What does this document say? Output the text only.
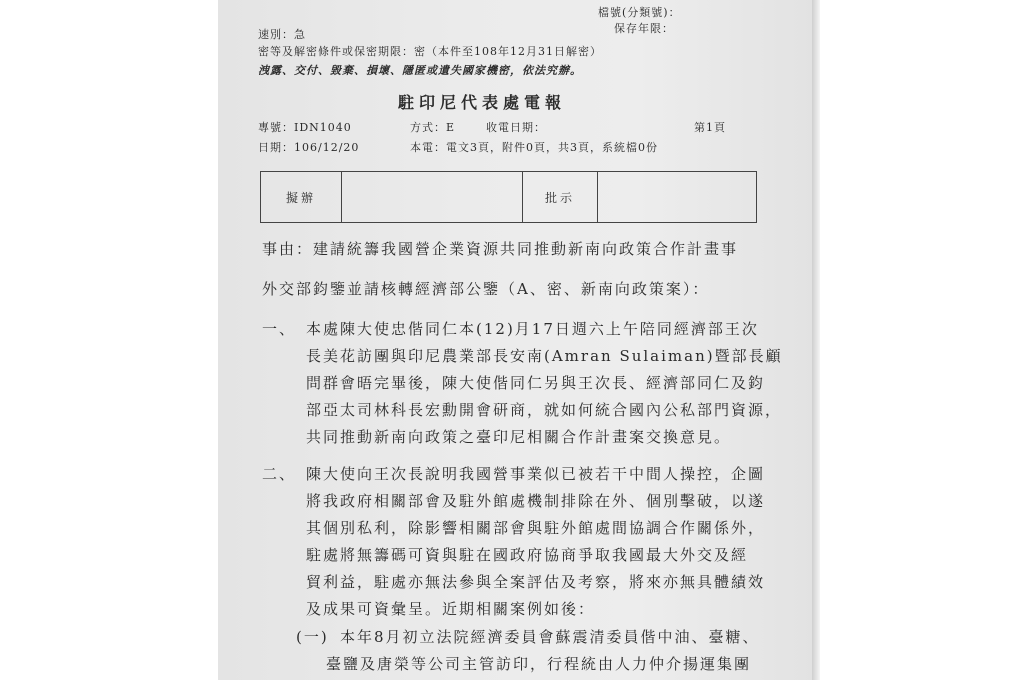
檔號(分類號)：
保存年限：
速別：急
密等及解密條件或保密期限：密（本件至108年12月31日解密）
洩露、交付、毀棄、損壞、隱匿或遺失國家機密，依法究辦。
駐印尼代表處電報
專號：IDN1040	方式：E	收電日期：	第1頁
日期：106/12/20	本電：電文3頁，附件0頁，共3頁，系統檔0份
擬辦		批示	
事由：建請統籌我國營企業資源共同推動新南向政策合作計畫事
外交部鈞鑒並請核轉經濟部公鑒（A、密、新南向政策案）：
一、 本處陳大使忠偕同仁本(12)月17日週六上午陪同經濟部王次
長美花訪團與印尼農業部長安南(Amran Sulaiman)暨部長顧
問群會晤完畢後，陳大使偕同仁另與王次長、經濟部同仁及鈞
部亞太司林科長宏勳開會研商，就如何統合國內公私部門資源，
共同推動新南向政策之臺印尼相關合作計畫案交換意見。
二、 陳大使向王次長說明我國營事業似已被若干中間人操控，企圖
將我政府相關部會及駐外館處機制排除在外、個別擊破，以遂
其個別私利，除影響相關部會與駐外館處間協調合作關係外，
駐處將無籌碼可資與駐在國政府協商爭取我國最大外交及經
貿利益，駐處亦無法參與全案評估及考察，將來亦無具體績效
及成果可資彙呈。近期相關案例如後：
(一) 本年8月初立法院經濟委員會蘇震清委員偕中油、臺糖、
臺鹽及唐榮等公司主管訪印，行程統由人力仲介揚運集團
